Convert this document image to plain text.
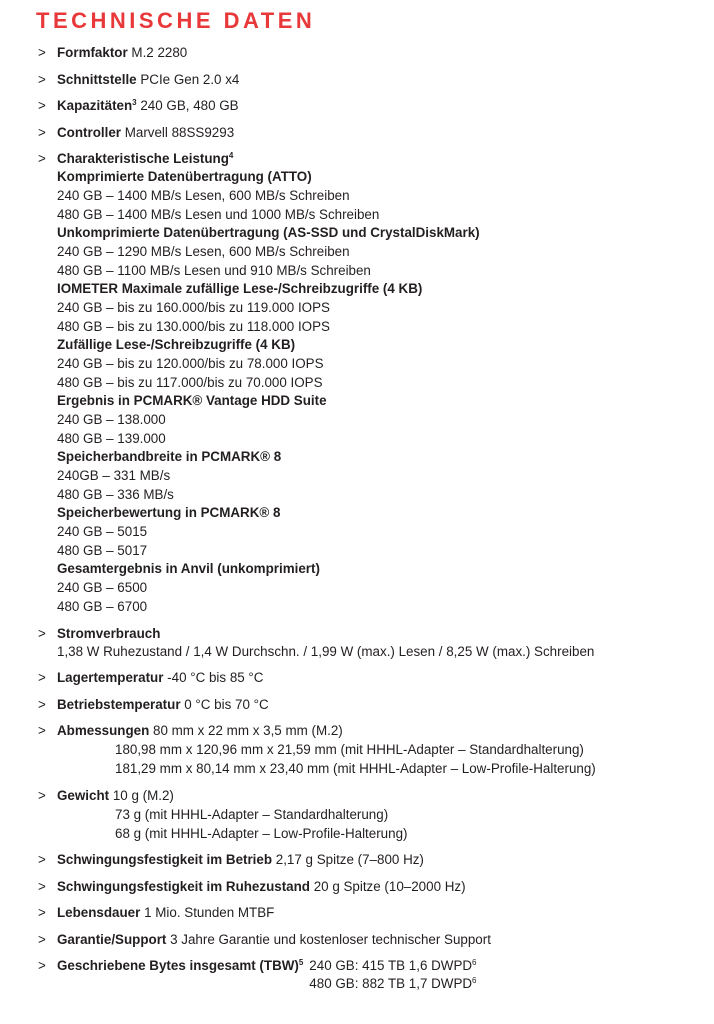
TECHNISCHE DATEN
> Formfaktor M.2 2280
> Schnittstelle PCIe Gen 2.0 x4
> Kapazitäten$^3$ 240 GB, 480 GB
> Controller Marvell 88SS9293
> Charakteristische Leistung$^4$
Komprimierte Datenübertragung (ATTO)
240 GB – 1400 MB/s Lesen, 600 MB/s Schreiben
480 GB – 1400 MB/s Lesen und 1000 MB/s Schreiben
Unkomprimierte Datenübertragung (AS-SSD und CrystalDiskMark)
240 GB – 1290 MB/s Lesen, 600 MB/s Schreiben
480 GB – 1100 MB/s Lesen und 910 MB/s Schreiben
IOMETER Maximale zufällige Lese-/Schreibzugriffe (4 KB)
240 GB – bis zu 160.000/bis zu 119.000 IOPS
480 GB – bis zu 130.000/bis zu 118.000 IOPS
Zufällige Lese-/Schreibzugriffe (4 KB)
240 GB – bis zu 120.000/bis zu 78.000 IOPS
480 GB – bis zu 117.000/bis zu 70.000 IOPS
Ergebnis in PCMARK® Vantage HDD Suite
240 GB – 138.000
480 GB – 139.000
Speicherbandbreite in PCMARK® 8
240GB – 331 MB/s
480 GB – 336 MB/s
Speicherbewertung in PCMARK® 8
240 GB – 5015
480 GB – 5017
Gesamtergebnis in Anvil (unkomprimiert)
240 GB – 6500
480 GB – 6700
> Stromverbrauch
1,38 W Ruhezustand / 1,4 W Durchschn. / 1,99 W (max.) Lesen / 8,25 W (max.) Schreiben
> Lagertemperatur -40 °C bis 85 °C
> Betriebstemperatur 0 °C bis 70 °C
> Abmessungen 80 mm x 22 mm x 3,5 mm (M.2)
180,98 mm x 120,96 mm x 21,59 mm (mit HHHL-Adapter – Standardhalterung)
181,29 mm x 80,14 mm x 23,40 mm (mit HHHL-Adapter – Low-Profile-Halterung)
> Gewicht 10 g (M.2)
73 g (mit HHHL-Adapter – Standardhalterung)
68 g (mit HHHL-Adapter – Low-Profile-Halterung)
> Schwingungsfestigkeit im Betrieb 2,17 g Spitze (7–800 Hz)
> Schwingungsfestigkeit im Ruhezustand 20 g Spitze (10–2000 Hz)
> Lebensdauer 1 Mio. Stunden MTBF
> Garantie/Support 3 Jahre Garantie und kostenloser technischer Support
> Geschriebene Bytes insgesamt (TBW)$^5$ 240 GB: 415 TB 1,6 DWPD$^6$
480 GB: 882 TB 1,7 DWPD$^6$
